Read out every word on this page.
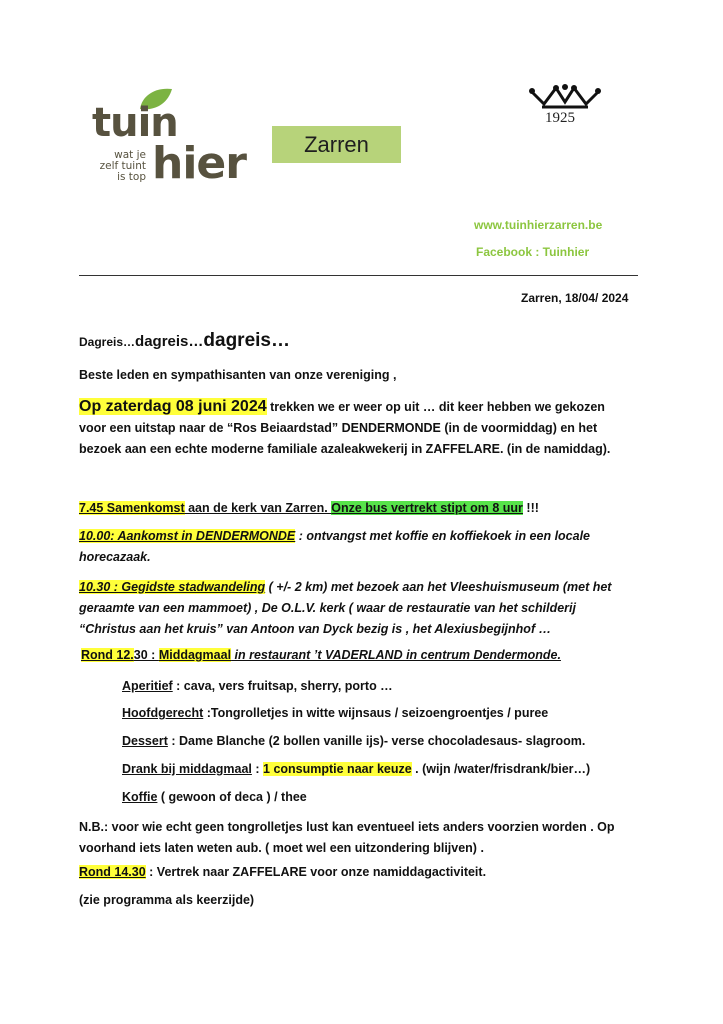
tuin
hier
wat je
zelf tuint
is top
Zarren
1925
www.tuinhierzarren.be
Facebook : Tuinhier
Zarren, 18/04/ 2024
Dagreis…dagreis…dagreis…
Beste leden en sympathisanten van onze vereniging ,
Op zaterdag 08 juni 2024 trekken we er weer op uit … dit keer hebben we gekozen
voor een uitstap naar de “Ros Beiaardstad” DENDERMONDE (in de voormiddag) en het
bezoek aan een echte moderne familiale azaleakwekerij in ZAFFELARE. (in de namiddag).
7.45 Samenkomst aan de kerk van Zarren. Onze bus vertrekt stipt om 8 uur !!!
10.00: Aankomst in DENDERMONDE : ontvangst met koffie en koffiekoek in een locale
horecazaak.
10.30 : Gegidste stadwandeling ( +/- 2 km) met bezoek aan het Vleeshuismuseum (met het
geraamte van een mammoet) , De O.L.V. kerk ( waar de restauratie van het schilderij
“Christus aan het kruis” van Antoon van Dyck bezig is , het Alexiusbegijnhof …
Rond 12.30 : Middagmaal in restaurant ’t VADERLAND in centrum Dendermonde.
Aperitief : cava, vers fruitsap, sherry, porto …
Hoofdgerecht :Tongrolletjes in witte wijnsaus / seizoengroentjes / puree
Dessert : Dame Blanche (2 bollen vanille ijs)- verse chocoladesaus- slagroom.
Drank bij middagmaal : 1 consumptie naar keuze . (wijn /water/frisdrank/bier…)
Koffie ( gewoon of deca ) / thee
N.B.: voor wie echt geen tongrolletjes lust kan eventueel iets anders voorzien worden . Op
voorhand iets laten weten aub. ( moet wel een uitzondering blijven) .
Rond 14.30 : Vertrek naar ZAFFELARE voor onze namiddagactiviteit.
(zie programma als keerzijde)
